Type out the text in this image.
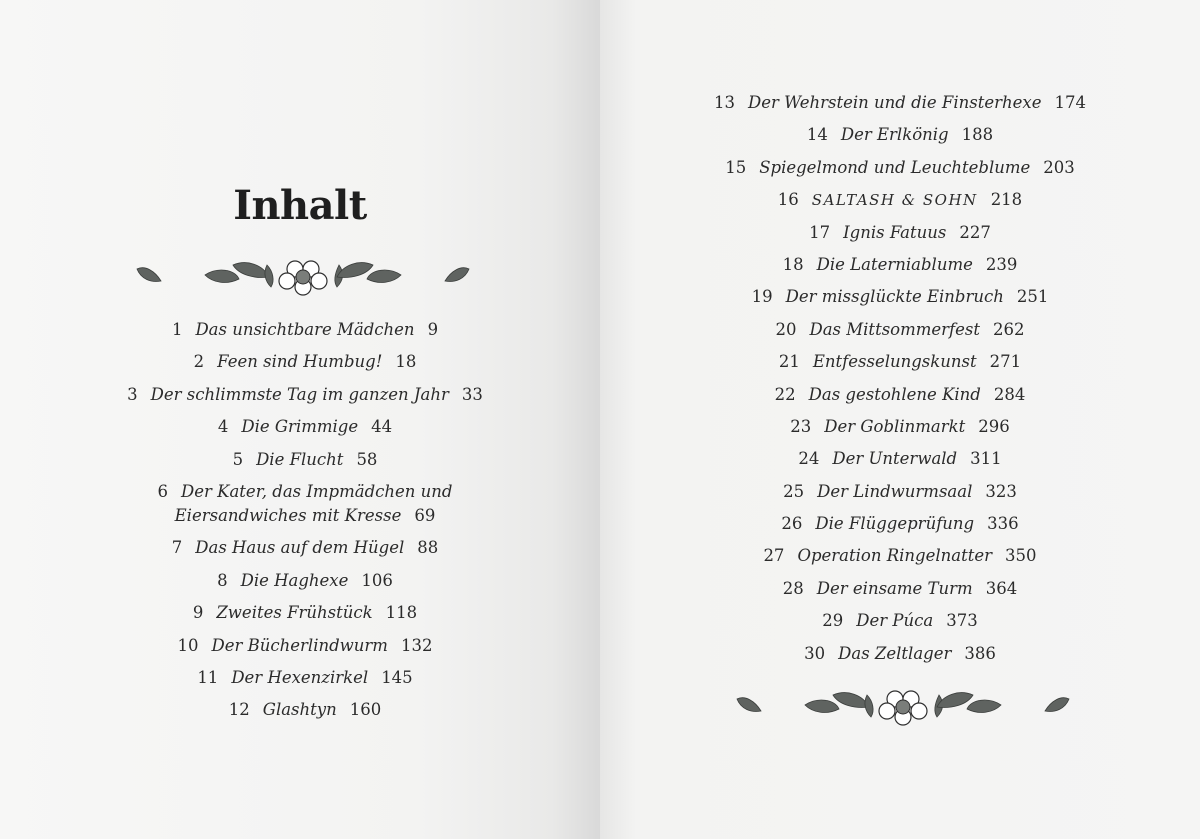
Inhalt
1 Das unsichtbare Mädchen 9
2 Feen sind Humbug! 18
3 Der schlimmste Tag im ganzen Jahr 33
4 Die Grimmige 44
5 Die Flucht 58
6 Der Kater, das Impmädchen und
Eiersandwiches mit Kresse 69
7 Das Haus auf dem Hügel 88
8 Die Haghexe 106
9 Zweites Frühstück 118
10 Der Bücherlindwurm 132
11 Der Hexenzirkel 145
12 Glashtyn 160
13 Der Wehrstein und die Finsterhexe 174
14 Der Erlkönig 188
15 Spiegelmond und Leuchteblume 203
16 SALTASH & SOHN 218
17 Ignis Fatuus 227
18 Die Laterniablume 239
19 Der missglückte Einbruch 251
20 Das Mittsommerfest 262
21 Entfesselungskunst 271
22 Das gestohlene Kind 284
23 Der Goblinmarkt 296
24 Der Unterwald 311
25 Der Lindwurmsaal 323
26 Die Flüggeprüfung 336
27 Operation Ringelnatter 350
28 Der einsame Turm 364
29 Der Púca 373
30 Das Zeltlager 386
